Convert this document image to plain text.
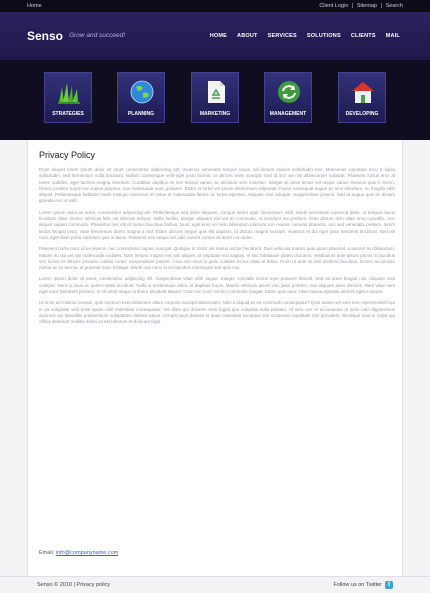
Home	Client Login | Sitemap | Search
Senso Grow and succeed!	HOME ABOUT SERVICES SOLUTIONS CLIENTS MAIL
STRATEGIES	PLANNING	MARKETING	MANAGEMENT	DEVELOPING
Privacy Policy

Proin aliquet lorem ipsum dolor sit amet consectetur adipiscing elit. Vivamus venenatis tempor lacus, vel dictum mauris sollicitudin nec. Maecenas vulputate arcu a ligula sollicitudin, sed fermentum nulla tincidunt. Nullam scelerisque velit eget justo lacinia, ut ultrices enim suscipit. Sed id orci vel nisl ullamcorper volutpat. Praesent luctus eros at lorem sodales, eget facilisis magna interdum. Curabitur dapibus mi nec massa varius, ac tincidunt sem molestie. Integer sit amet lectus vel neque varius rhoncus quis in lorem. Donec porttitor turpis non metus pulvinar, non malesuada nunc posuere. Etiam et tortor vel ipsum elementum vulputate. Fusce consequat augue ac arcu interdum, eu fringilla nibh aliquet. Pellentesque habitant morbi tristique senectus et netus et malesuada fames ac turpis egestas. Aliquam erat volutpat. Suspendisse potenti. Sed at augue quis ex dictum gravida nec ut velit.

Lorem ipsum dolor sit amet, consectetur adipiscing elit. Pellentesque sed dolor aliquam, congue lorem eget, fermentum nibh. Morbi accumsan euismod diam, ut tempus lacus tincidunt vitae. Donec vehicula felis vel ultricies tempor. Nulla facilisi. Integer aliquam nisi vel mi commodo, et tincidunt nisi pretium. Cras dictum sem vitae urna convallis, non aliquet sapien commodo. Phasellus nec elit et metus faucibus finibus. Nunc eget eros vel sem bibendum placerat a in massa. Aenean pharetra, orci sed venenatis pretium, lorem lectus feugiat justo, vitae fermentum libero magna a nisl. Etiam ultrices neque quis elit dapibus, id dictum magna suscipit. Vivamus et dui eget justo hendrerit tincidunt. Sed vel nunc eget diam porta interdum quis in lacus. Praesent nec neque vel odio viverra cursus sit amet non dolor.

Praesent porta nunc id ex viverra, nec consectetur sapien suscipit. Quisque in tortor vel metus auctor hendrerit. Duis vehicula mauris quis quam placerat, a laoreet leo bibendum. Mauris eu dui vel nisi malesuada sodales. Nam tempor magna nec nisi aliquet, at vulputate nisi sagittis. In hac habitasse platea dictumst. Vestibulum ante ipsum primis in faucibus orci luctus et ultrices posuere cubilia curae; Suspendisse potenti. Cras non risus in justo sodales luctus vitae at tellus. Proin ut ante at velit eleifend faucibus. Donec accumsan metus ac ex lacinia, at pulvinar nunc tristique. Morbi non nunc id mi faucibus consequat sed quis nisi.

Lorem ipsum dolor sit amet, consectetur adipiscing elit. Suspendisse vitae nibh augue. Integer convallis lectus eget posuere blandit. Sed sit amet feugiat nisi. Aliquam erat volutpat. Nunc a risus ac quam mattis tincidunt. Nulla in scelerisque dolor, at dapibus turpis. Mauris vehicula ipsum nec justo porttitor, non aliquam justo ultricies. Nam vitae sem eget nunc hendrerit pretium. In sit amet neque ut libero tincidunt aliquet. Cras non nunc vel leo commodo feugiat. Etiam quis nunc vitae massa egestas ultrices eget a neque.

Ut enim ad minima veniam, quis nostrum exercitationem ullam corporis suscipit laboriosam. Nisi ut aliquid ex ea commodi consequatur? Quis autem vel eum iure reprehenderit qui in ea voluptate velit esse quam nihil molestiae consequatur. Vel illum qui dolorem eum fugiat quo voluptas nulla pariatur. At vero eos et accusamus et iusto odio dignissimos ducimus qui blanditiis praesentium voluptatum deleniti atque corrupti quos dolores et quas molestias excepturi sint occaecati cupiditate non provident. Similique sunt in culpa qui officia deserunt mollitia animi, id est laborum et dolorum fuga.

Email: info@companyname.com
Senso © 2010 | Privacy policy	Follow us on Twitter	t
